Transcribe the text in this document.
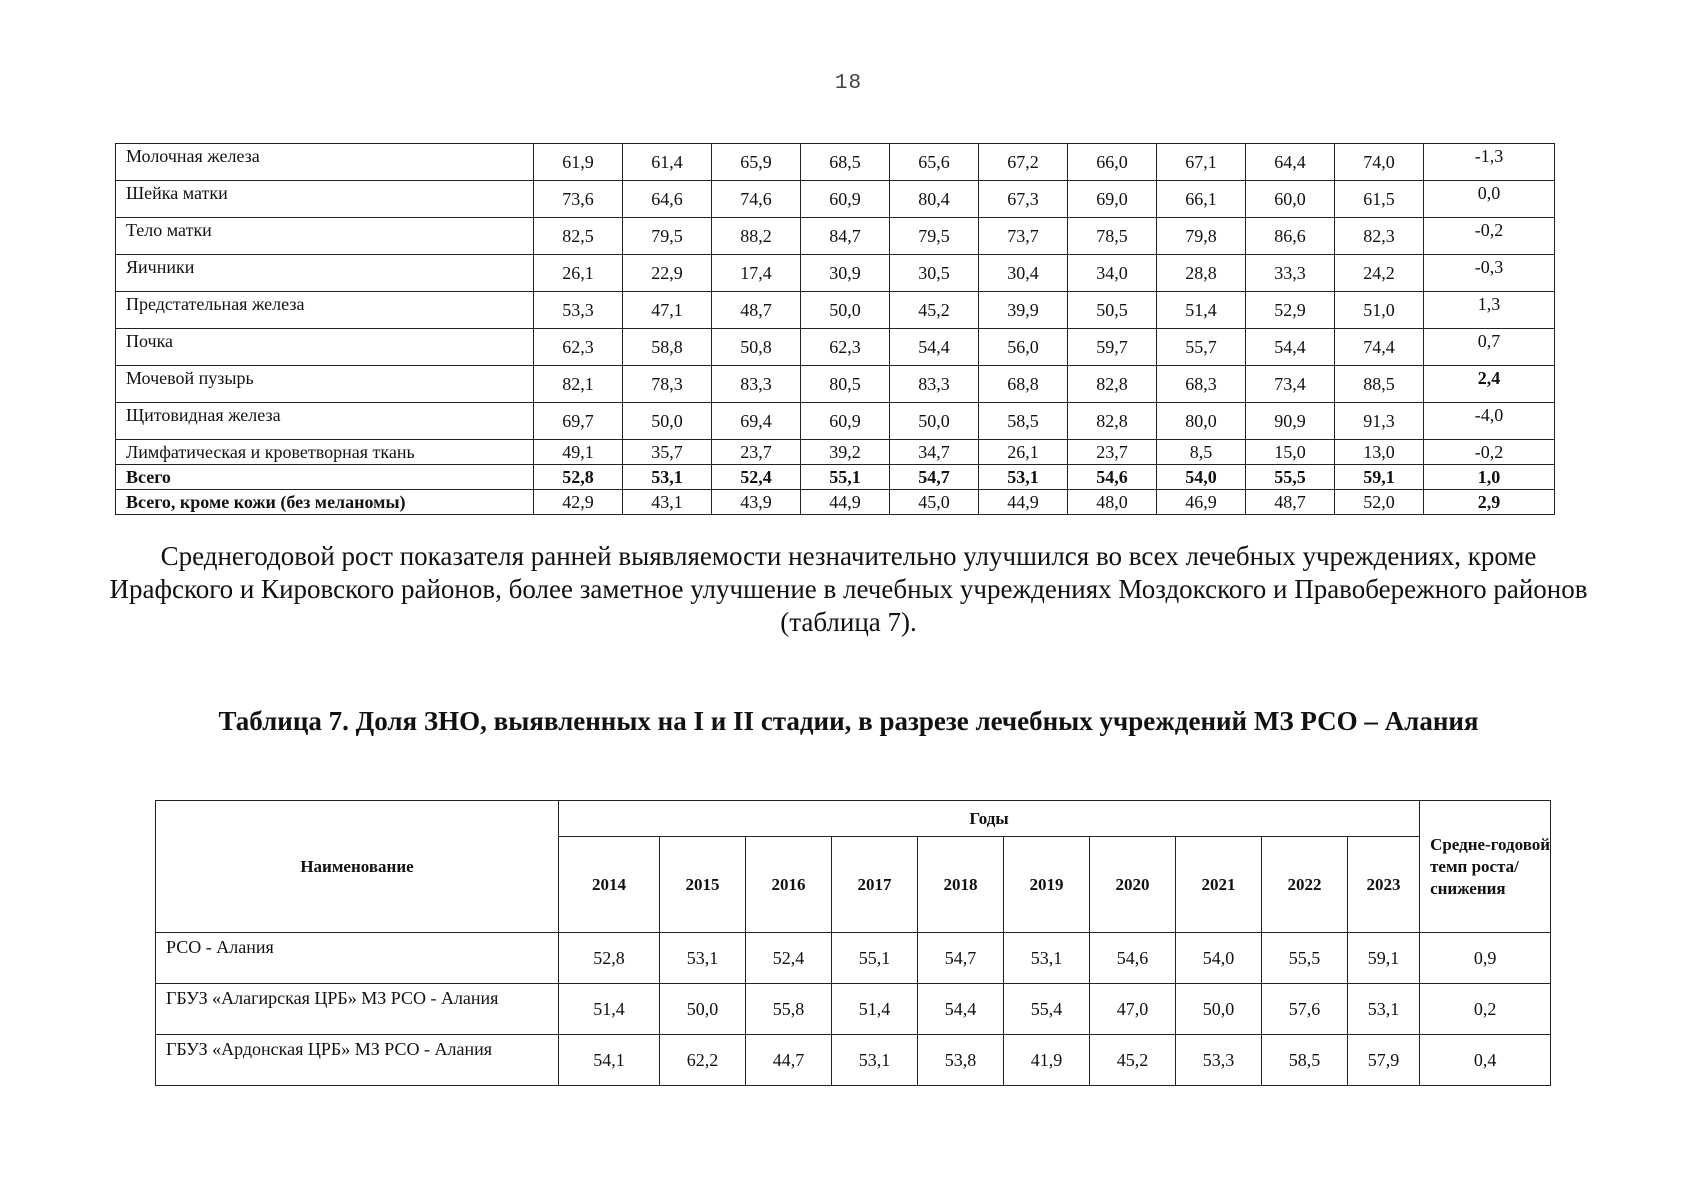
18
Молочная железа	61,9	61,4	65,9	68,5	65,6	67,2	66,0	67,1	64,4	74,0	-1,3
Шейка матки	73,6	64,6	74,6	60,9	80,4	67,3	69,0	66,1	60,0	61,5	0,0
Тело матки	82,5	79,5	88,2	84,7	79,5	73,7	78,5	79,8	86,6	82,3	-0,2
Яичники	26,1	22,9	17,4	30,9	30,5	30,4	34,0	28,8	33,3	24,2	-0,3
Предстательная железа	53,3	47,1	48,7	50,0	45,2	39,9	50,5	51,4	52,9	51,0	1,3
Почка	62,3	58,8	50,8	62,3	54,4	56,0	59,7	55,7	54,4	74,4	0,7
Мочевой пузырь	82,1	78,3	83,3	80,5	83,3	68,8	82,8	68,3	73,4	88,5	2,4
Щитовидная железа	69,7	50,0	69,4	60,9	50,0	58,5	82,8	80,0	90,9	91,3	-4,0
Лимфатическая и кроветворная ткань	49,1	35,7	23,7	39,2	34,7	26,1	23,7	8,5	15,0	13,0	-0,2
Всего	52,8	53,1	52,4	55,1	54,7	53,1	54,6	54,0	55,5	59,1	1,0
Всего, кроме кожи (без меланомы)	42,9	43,1	43,9	44,9	45,0	44,9	48,0	46,9	48,7	52,0	2,9
Среднегодовой рост показателя ранней выявляемости незначительно улучшился во всех лечебных учреждениях, кроме Ирафского и Кировского районов, более заметное улучшение в лечебных учреждениях Моздокского и Правобережного районов (таблица 7).
Таблица 7. Доля ЗНО, выявленных на I и II стадии, в разрезе лечебных учреждений МЗ РСО – Алания
Наименование	Годы										Средне-годовой темп роста/ снижения
	2014	2015	2016	2017	2018	2019	2020	2021	2022	2023	
РСО - Алания	52,8	53,1	52,4	55,1	54,7	53,1	54,6	54,0	55,5	59,1	0,9
ГБУЗ «Алагирская ЦРБ» МЗ РСО - Алания	51,4	50,0	55,8	51,4	54,4	55,4	47,0	50,0	57,6	53,1	0,2
ГБУЗ «Ардонская ЦРБ» МЗ РСО - Алания	54,1	62,2	44,7	53,1	53,8	41,9	45,2	53,3	58,5	57,9	0,4
